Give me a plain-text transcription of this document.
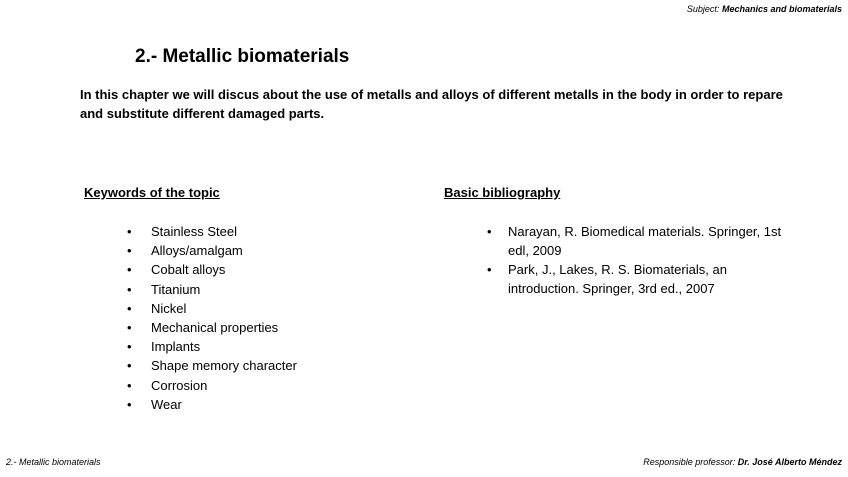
Subject: Mechanics and biomaterials
2.- Metallic biomaterials
In this chapter we will discus about the use of metalls and alloys of different metalls in the body in order to repare and substitute different damaged parts.
Keywords of the topic	Basic bibliography
•	Stainless Steel
•	Alloys/amalgam
•	Cobalt alloys
•	Titanium
•	Nickel
•	Mechanical properties
•	Implants
•	Shape memory character
•	Corrosion
•	Wear
•	Narayan, R. Biomedical materials. Springer, 1st edl, 2009
•	Park, J., Lakes, R. S. Biomaterials, an introduction. Springer, 3rd ed., 2007
2.- Metallic biomaterials	Responsible professor: Dr. José Alberto Méndez
